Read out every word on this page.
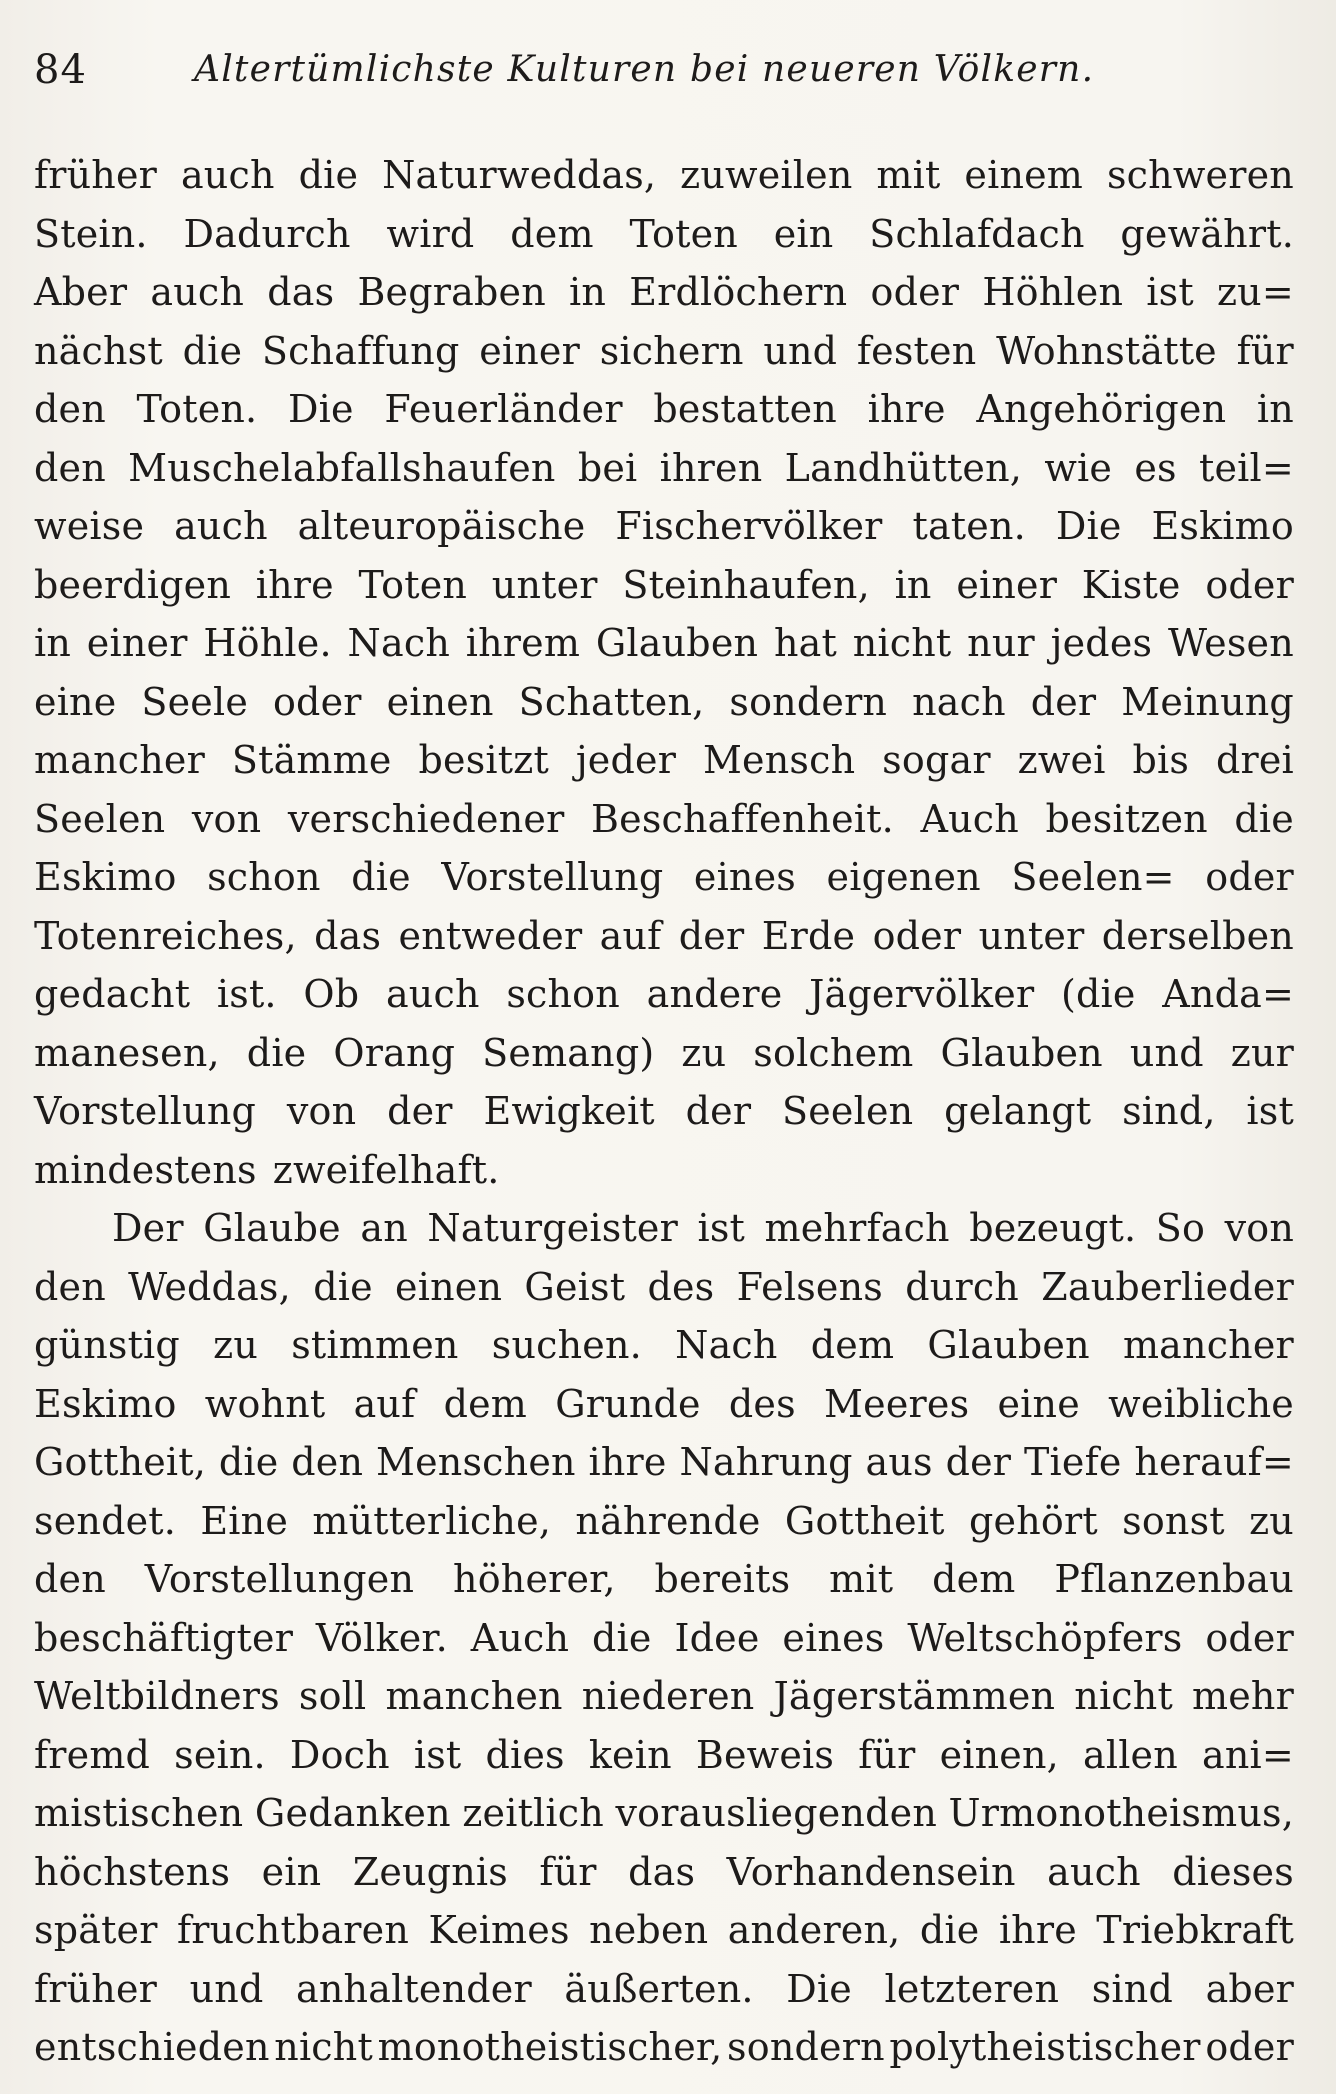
84	Altertümlichste Kulturen bei neueren Völkern.
früher auch die Naturweddas, zuweilen mit einem schweren
Stein. Dadurch wird dem Toten ein Schlafdach gewährt.
Aber auch das Begraben in Erdlöchern oder Höhlen ist zu=
nächst die Schaffung einer sichern und festen Wohnstätte für
den Toten. Die Feuerländer bestatten ihre Angehörigen in
den Muschelabfallshaufen bei ihren Landhütten, wie es teil=
weise auch alteuropäische Fischervölker taten. Die Eskimo
beerdigen ihre Toten unter Steinhaufen, in einer Kiste oder
in einer Höhle. Nach ihrem Glauben hat nicht nur jedes Wesen
eine Seele oder einen Schatten, sondern nach der Meinung
mancher Stämme besitzt jeder Mensch sogar zwei bis drei
Seelen von verschiedener Beschaffenheit. Auch besitzen die
Eskimo schon die Vorstellung eines eigenen Seelen= oder
Totenreiches, das entweder auf der Erde oder unter derselben
gedacht ist. Ob auch schon andere Jägervölker (die Anda=
manesen, die Orang Semang) zu solchem Glauben und zur
Vorstellung von der Ewigkeit der Seelen gelangt sind, ist
mindestens zweifelhaft.
Der Glaube an Naturgeister ist mehrfach bezeugt. So von
den Weddas, die einen Geist des Felsens durch Zauberlieder
günstig zu stimmen suchen. Nach dem Glauben mancher
Eskimo wohnt auf dem Grunde des Meeres eine weibliche
Gottheit, die den Menschen ihre Nahrung aus der Tiefe herauf=
sendet. Eine mütterliche, nährende Gottheit gehört sonst zu
den Vorstellungen höherer, bereits mit dem Pflanzenbau
beschäftigter Völker. Auch die Idee eines Weltschöpfers oder
Weltbildners soll manchen niederen Jägerstämmen nicht mehr
fremd sein. Doch ist dies kein Beweis für einen, allen ani=
mistischen Gedanken zeitlich vorausliegenden Urmonotheismus,
höchstens ein Zeugnis für das Vorhandensein auch dieses
später fruchtbaren Keimes neben anderen, die ihre Triebkraft
früher und anhaltender äußerten. Die letzteren sind aber
entschieden nicht monotheistischer, sondern polytheistischer oder
